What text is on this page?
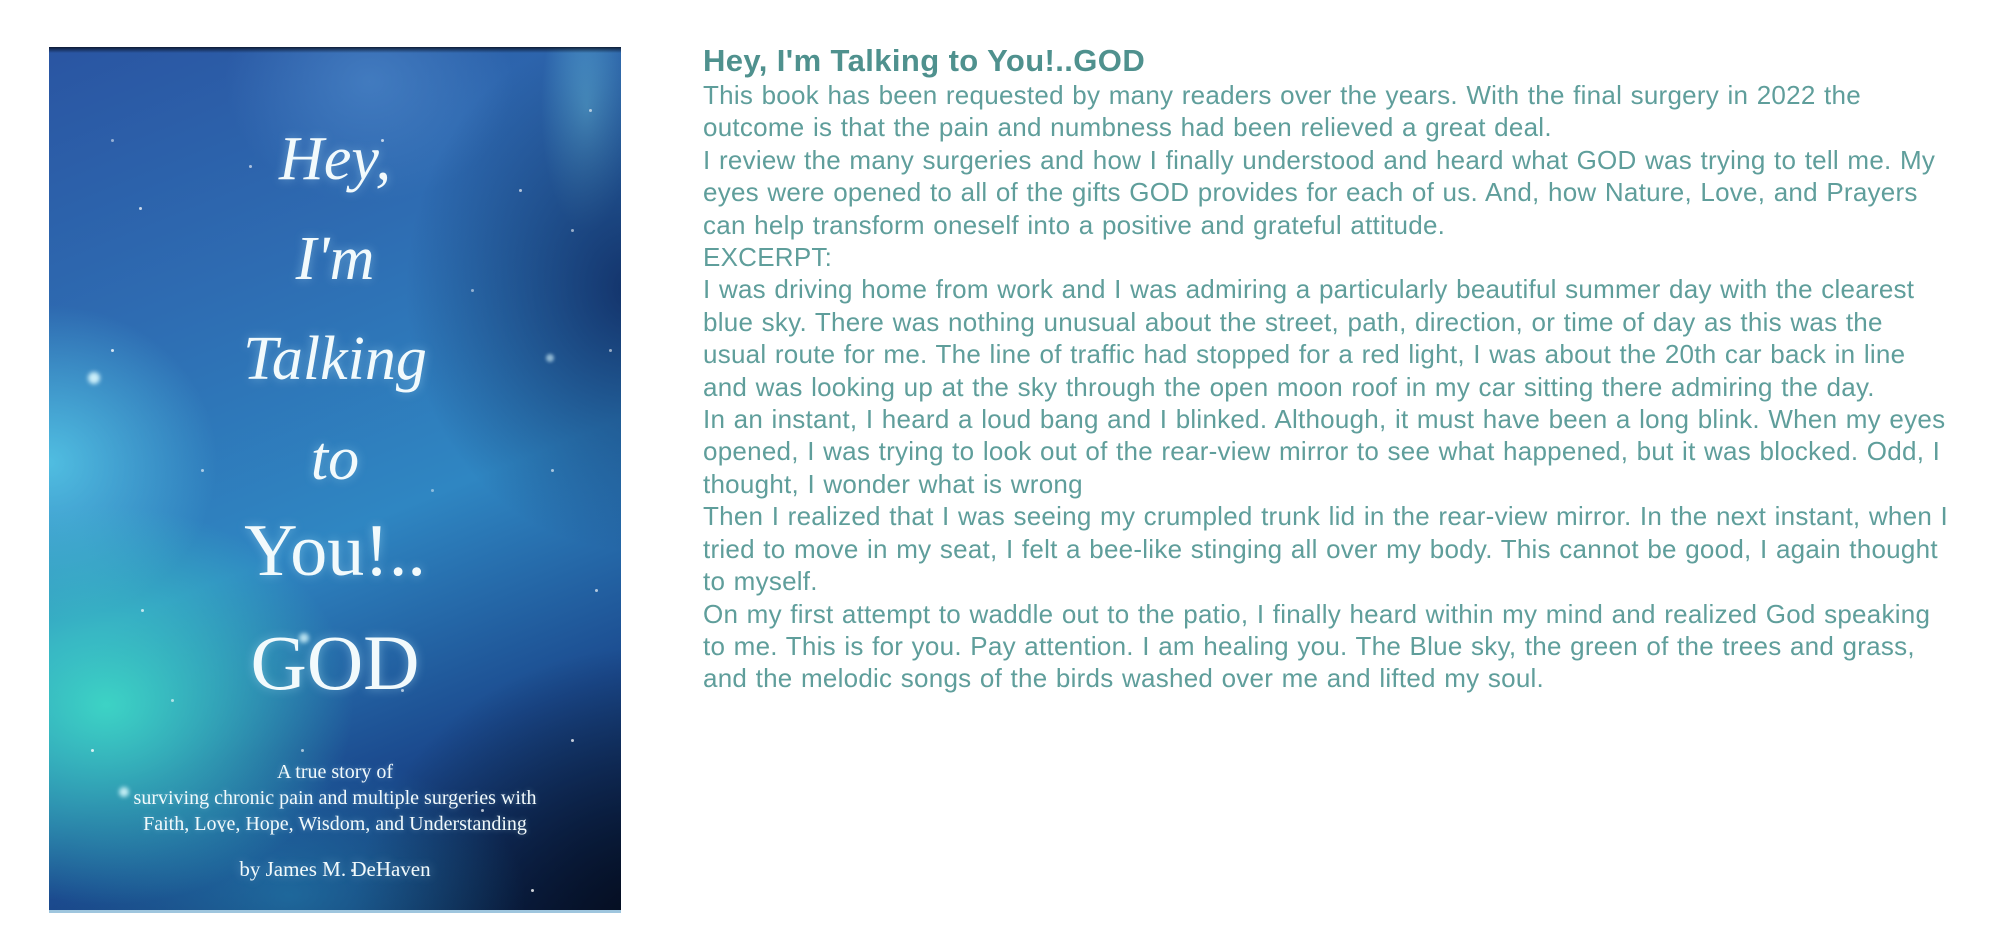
Hey,
I'm
Talking
to
You!..
GOD
A true story of
surviving chronic pain and multiple surgeries with
Faith, Love, Hope, Wisdom, and Understanding
by James M. DeHaven
Hey, I'm Talking to You!..GOD

This book has been requested by many readers over the years. With the final surgery in 2022 the outcome is that the pain and numbness had been relieved a great deal.

I review the many surgeries and how I finally understood and heard what GOD was trying to tell me. My eyes were opened to all of the gifts GOD provides for each of us. And, how Nature, Love, and Prayers can help transform oneself into a positive and grateful attitude.

EXCERPT:

I was driving home from work and I was admiring a particularly beautiful summer day with the clearest blue sky. There was nothing unusual about the street, path, direction, or time of day as this was the usual route for me. The line of traffic had stopped for a red light, I was about the 20th car back in line and was looking up at the sky through the open moon roof in my car sitting there admiring the day.

In an instant, I heard a loud bang and I blinked. Although, it must have been a long blink. When my eyes opened, I was trying to look out of the rear-view mirror to see what happened, but it was blocked. Odd, I thought, I wonder what is wrong

Then I realized that I was seeing my crumpled trunk lid in the rear-view mirror. In the next instant, when I tried to move in my seat, I felt a bee-like stinging all over my body. This cannot be good, I again thought to myself.

On my first attempt to waddle out to the patio, I finally heard within my mind and realized God speaking to me. This is for you. Pay attention. I am healing you. The Blue sky, the green of the trees and grass, and the melodic songs of the birds washed over me and lifted my soul.
